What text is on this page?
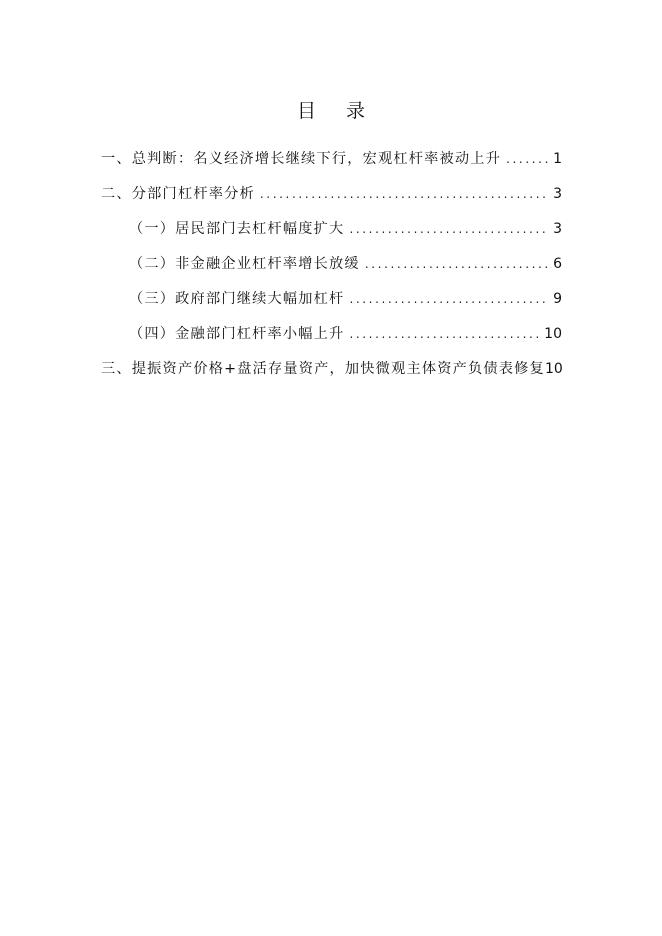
目 录
一、总判断：名义经济增长继续下行，宏观杠杆率被动上升 .....	1
二、分部门杠杆率分析 .....	3
（一）居民部门去杠杆幅度扩大 .....	3
（二）非金融企业杠杆率增长放缓 .....	6
（三）政府部门继续大幅加杠杆 .....	9
（四）金融部门杠杆率小幅上升 .....	10
三、提振资产价格+盘活存量资产，加快微观主体资产负债表修复 10
